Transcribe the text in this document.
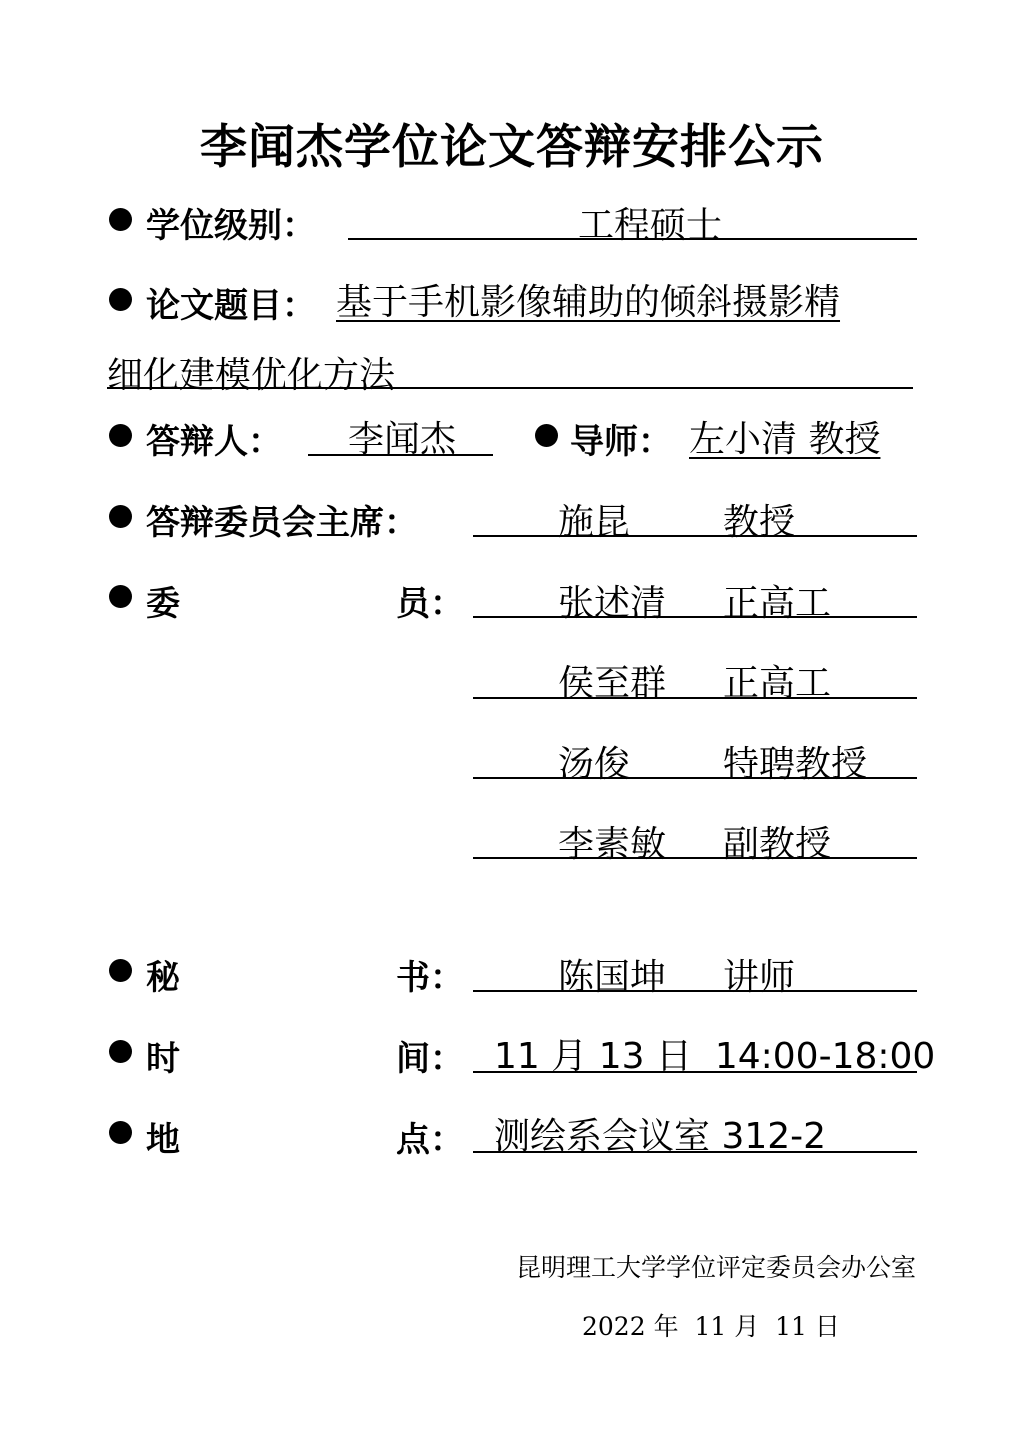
李闻杰学位论文答辩安排公示
学位级别：	工程硕士
论文题目： 基于手机影像辅助的倾斜摄影精
细化建模优化方法
答辩人： 李闻杰	导师： 左小清 教授
答辩委员会主席：	施昆	教授
委	员：	张述清 正高工
侯至群 正高工
汤俊	特聘教授
李素敏 副教授
秘	书：	陈国坤 讲师
时	间： 11 月 13 日  14:00-18:00
地	点： 测绘系会议室 312-2
昆明理工大学学位评定委员会办公室
2022 年  11 月  11 日
